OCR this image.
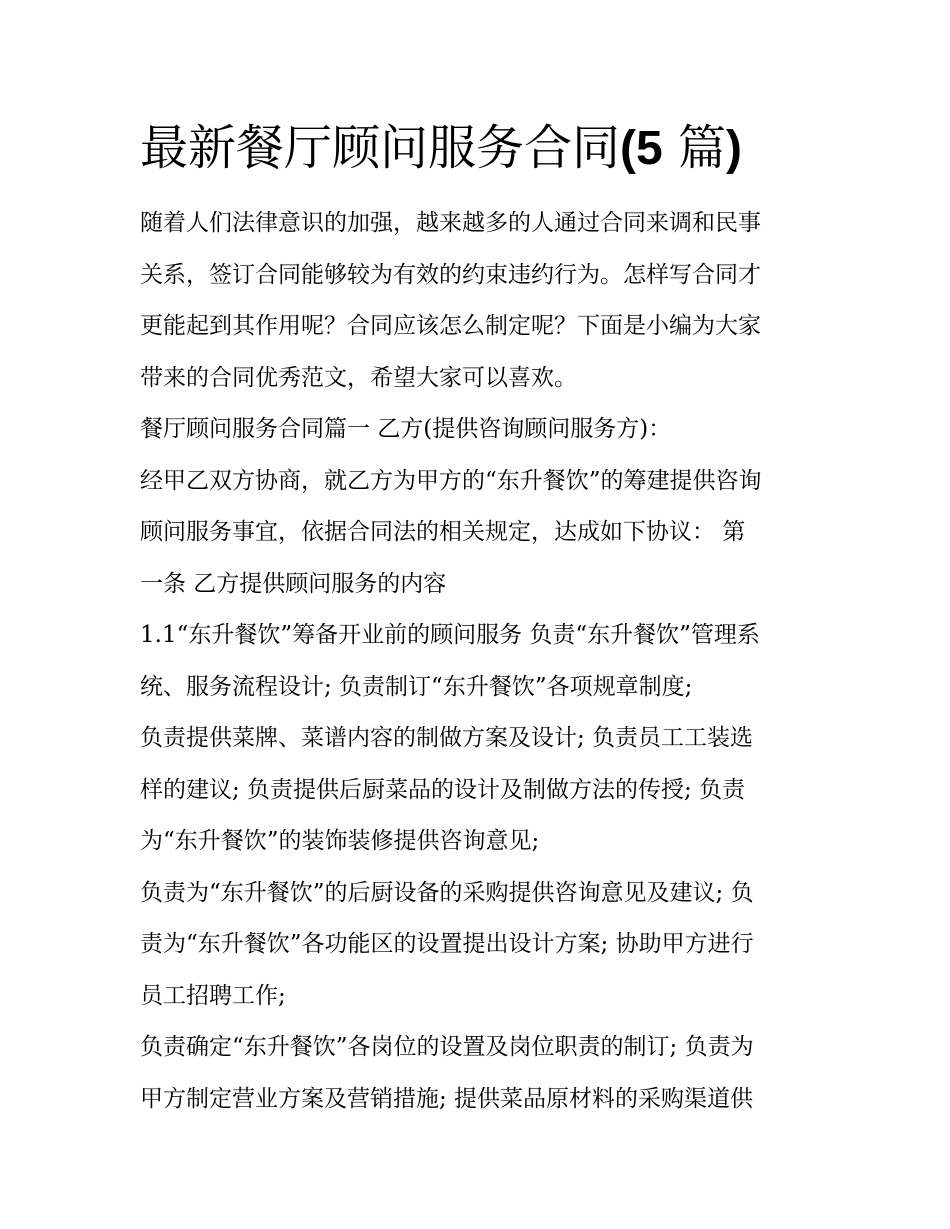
最新餐厅顾问服务合同(5 篇)
随着人们法律意识的加强，越来越多的人通过合同来调和民事
关系，签订合同能够较为有效的约束违约行为。怎样写合同才
更能起到其作用呢？合同应该怎么制定呢？下面是小编为大家
带来的合同优秀范文，希望大家可以喜欢。
餐厅顾问服务合同篇一 乙方(提供咨询顾问服务方)：
经甲乙双方协商，就乙方为甲方的“东升餐饮”的筹建提供咨询
顾问服务事宜，依据合同法的相关规定，达成如下协议： 第
一条 乙方提供顾问服务的内容
1.1“东升餐饮”筹备开业前的顾问服务 负责“东升餐饮”管理系
统、服务流程设计; 负责制订“东升餐饮”各项规章制度;
负责提供菜牌、菜谱内容的制做方案及设计; 负责员工工装选
样的建议; 负责提供后厨菜品的设计及制做方法的传授; 负责
为“东升餐饮”的装饰装修提供咨询意见;
负责为“东升餐饮”的后厨设备的采购提供咨询意见及建议; 负
责为“东升餐饮”各功能区的设置提出设计方案; 协助甲方进行
员工招聘工作;
负责确定“东升餐饮”各岗位的设置及岗位职责的制订; 负责为
甲方制定营业方案及营销措施; 提供菜品原材料的采购渠道供
